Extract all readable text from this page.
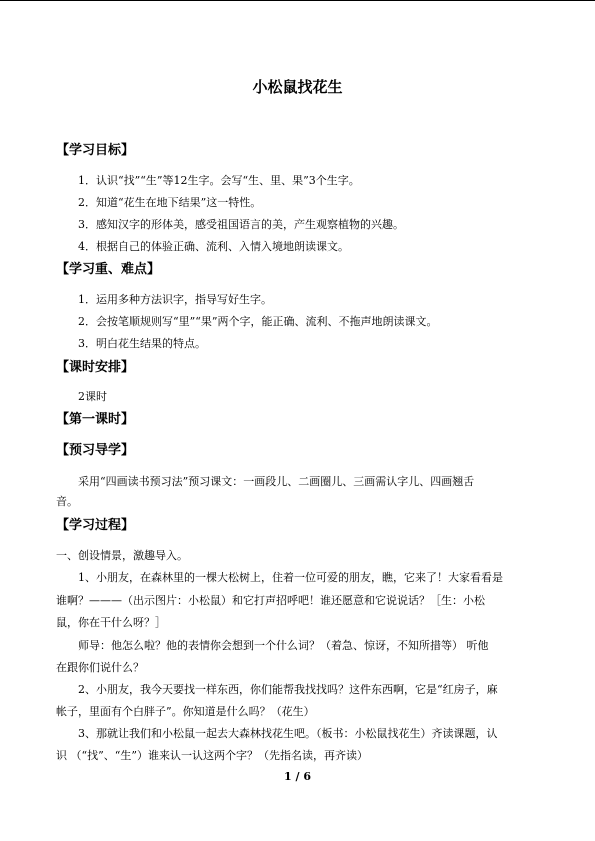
小松鼠找花生
【学习目标】
1．认识“找”“生”等12生字。会写“生、里、果”3个生字。
2．知道“花生在地下结果”这一特性。
3．感知汉字的形体美，感受祖国语言的美，产生观察植物的兴趣。
4．根据自己的体验正确、流利、入情入境地朗读课文。
【学习重、难点】
1．运用多种方法识字，指导写好生字。
2．会按笔顺规则写“里”“果”两个字，能正确、流利、不拖声地朗读课文。
3．明白花生结果的特点。
【课时安排】
2课时
【第一课时】
【预习导学】
采用“四画读书预习法”预习课文：一画段儿、二画圈儿、三画需认字儿、四画翘舌
音。
【学习过程】
一、创设情景，激趣导入。
1、小朋友，在森林里的一棵大松树上，住着一位可爱的朋友，瞧，它来了！大家看看是
谁啊？———（出示图片：小松鼠）和它打声招呼吧！谁还愿意和它说说话？［生：小松
鼠，你在干什么呀？］
师导：他怎么啦？他的表情你会想到一个什么词？（着急、惊讶，不知所措等） 听他
在跟你们说什么？
2、小朋友，我今天要找一样东西，你们能帮我找找吗？这件东西啊，它是“红房子，麻
帐子，里面有个白胖子”。你知道是什么吗？（花生）
3、那就让我们和小松鼠一起去大森林找花生吧。（板书：小松鼠找花生）齐读课题，认
识 （“找”、“生”）谁来认一认这两个字？（先指名读，再齐读）
1 / 6
